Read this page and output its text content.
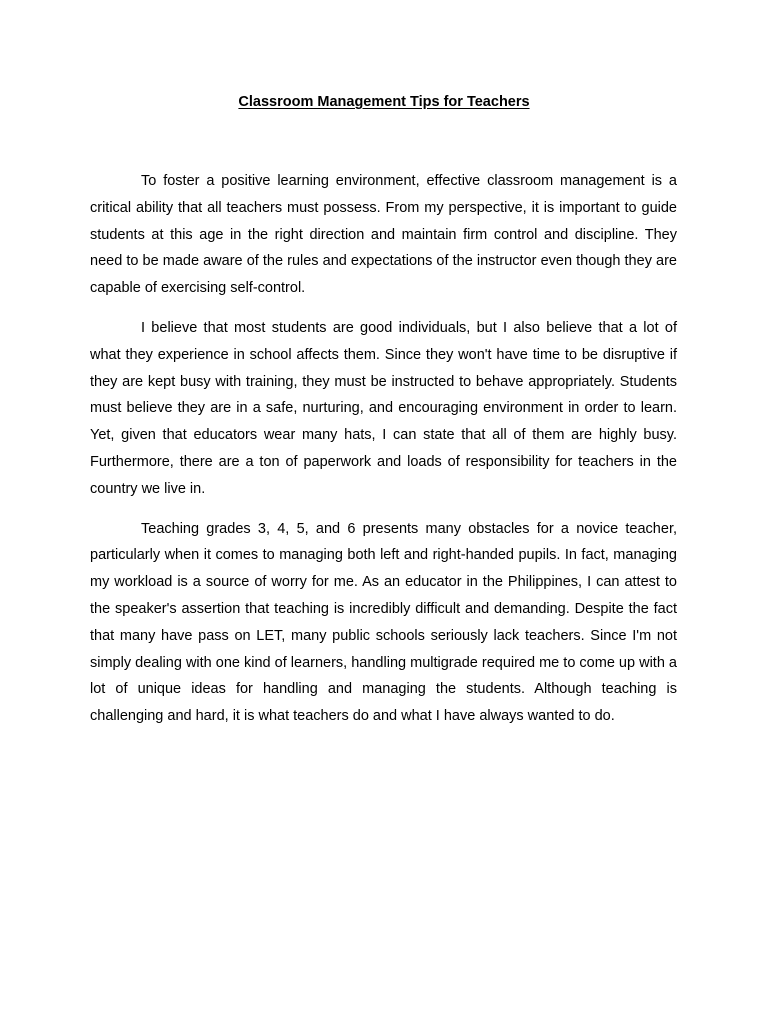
Classroom Management Tips for Teachers

To foster a positive learning environment, effective classroom management is a critical ability that all teachers must possess. From my perspective, it is important to guide students at this age in the right direction and maintain firm control and discipline. They need to be made aware of the rules and expectations of the instructor even though they are capable of exercising self-control.

I believe that most students are good individuals, but I also believe that a lot of what they experience in school affects them. Since they won't have time to be disruptive if they are kept busy with training, they must be instructed to behave appropriately. Students must believe they are in a safe, nurturing, and encouraging environment in order to learn. Yet, given that educators wear many hats, I can state that all of them are highly busy. Furthermore, there are a ton of paperwork and loads of responsibility for teachers in the country we live in.

Teaching grades 3, 4, 5, and 6 presents many obstacles for a novice teacher, particularly when it comes to managing both left and right-handed pupils. In fact, managing my workload is a source of worry for me. As an educator in the Philippines, I can attest to the speaker's assertion that teaching is incredibly difficult and demanding. Despite the fact that many have pass on LET, many public schools seriously lack teachers. Since I'm not simply dealing with one kind of learners, handling multigrade required me to come up with a lot of unique ideas for handling and managing the students. Although teaching is challenging and hard, it is what teachers do and what I have always wanted to do.
